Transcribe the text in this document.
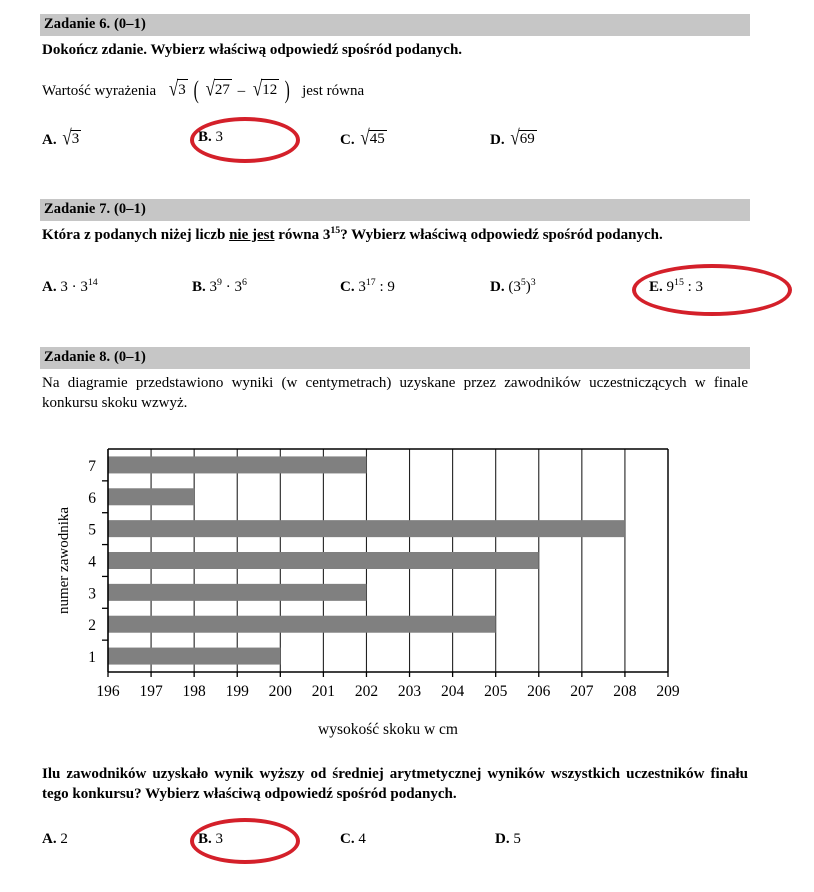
Zadanie 6. (0–1)
Dokończ zdanie. Wybierz właściwą odpowiedź spośród podanych.
Wartość wyrażenia √3 ( √27 – √12 ) jest równa
A. √3	B. 3	C. √45	D. √69
Zadanie 7. (0–1)
Która z podanych niżej liczb nie jest równa $3^{15}$? Wybierz właściwą odpowiedź spośród podanych.
A. $3 \cdot 3^{14}$	B. $3^9 \cdot 3^6$	C. $3^{17}$ : 9	D. $(3^5)^3$	E. $9^{15}$ : 3
Zadanie 8. (0–1)
Na diagramie przedstawiono wyniki (w centymetrach) uzyskane przez zawodników uczestniczących w finale konkursu skoku wzwyż.
196 197 198 199 200 201 202 203 204 205 206 207 208 209
1
2
3
4
5
6
7
numer zawodnika
wysokość skoku w cm
Ilu zawodników uzyskało wynik wyższy od średniej arytmetycznej wyników wszystkich uczestników finału tego konkursu? Wybierz właściwą odpowiedź spośród podanych.
A. 2	B. 3	C. 4	D. 5
